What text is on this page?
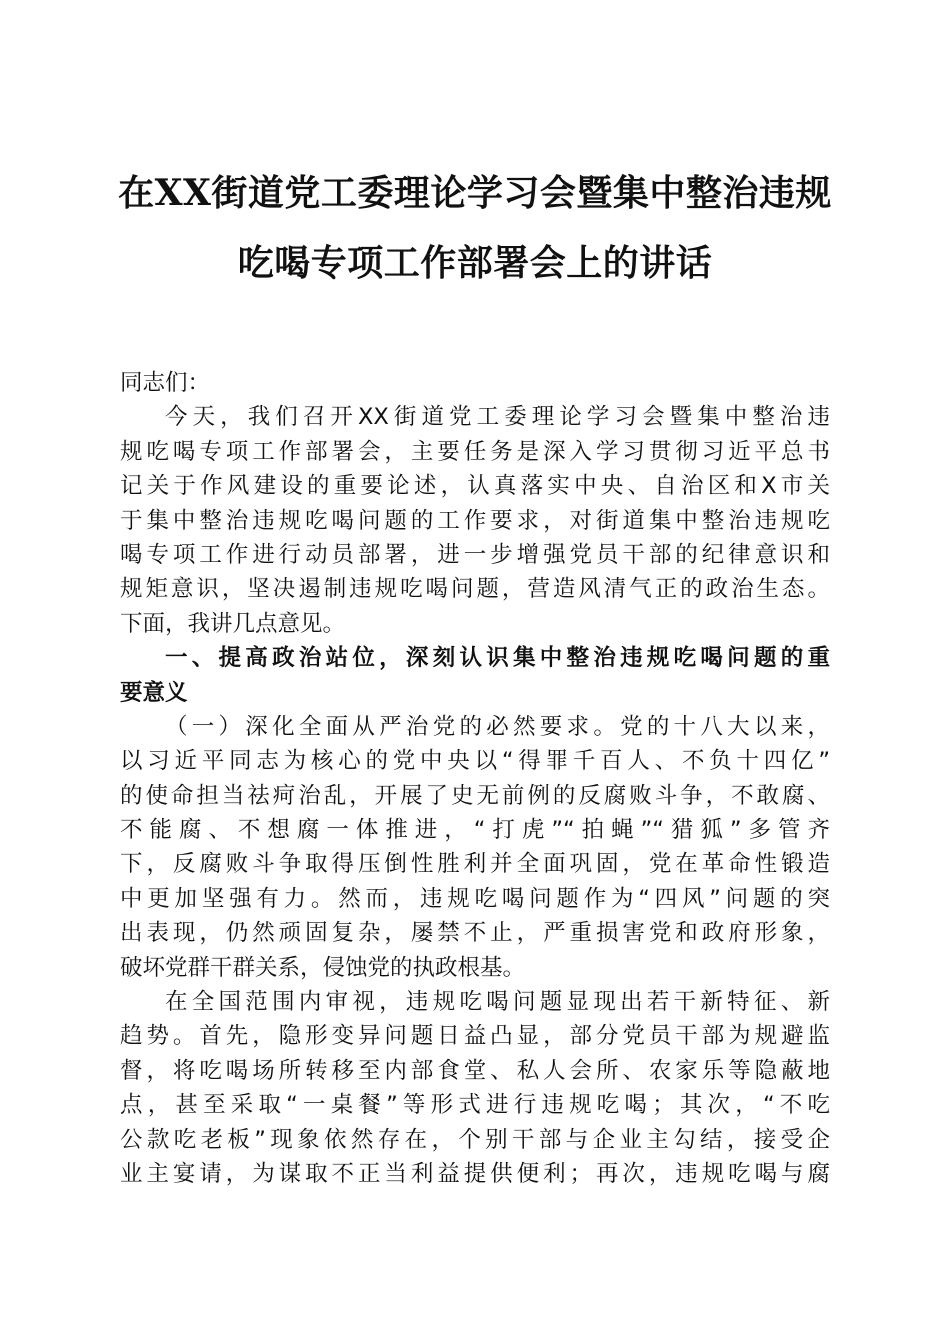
在XX街道党工委理论学习会暨集中整治违规
吃喝专项工作部署会上的讲话
同志们：
今天，我们召开XX街道党工委理论学习会暨集中整治违
规吃喝专项工作部署会，主要任务是深入学习贯彻习近平总书
记关于作风建设的重要论述，认真落实中央、自治区和X市关
于集中整治违规吃喝问题的工作要求，对街道集中整治违规吃
喝专项工作进行动员部署，进一步增强党员干部的纪律意识和
规矩意识，坚决遏制违规吃喝问题，营造风清气正的政治生态。
下面，我讲几点意见。
一、提高政治站位，深刻认识集中整治违规吃喝问题的重
要意义
（一）深化全面从严治党的必然要求。党的十八大以来，
以习近平同志为核心的党中央以“得罪千百人、不负十四亿”
的使命担当祛疴治乱，开展了史无前例的反腐败斗争，不敢腐、
不能腐、不想腐一体推进，“打虎”“拍蝇”“猎狐”多管齐
下，反腐败斗争取得压倒性胜利并全面巩固，党在革命性锻造
中更加坚强有力。然而，违规吃喝问题作为“四风”问题的突
出表现，仍然顽固复杂，屡禁不止，严重损害党和政府形象，
破坏党群干群关系，侵蚀党的执政根基。
在全国范围内审视，违规吃喝问题显现出若干新特征、新
趋势。首先，隐形变异问题日益凸显，部分党员干部为规避监
督，将吃喝场所转移至内部食堂、私人会所、农家乐等隐蔽地
点，甚至采取“一桌餐”等形式进行违规吃喝；其次，“不吃
公款吃老板”现象依然存在，个别干部与企业主勾结，接受企
业主宴请，为谋取不正当利益提供便利；再次，违规吃喝与腐
